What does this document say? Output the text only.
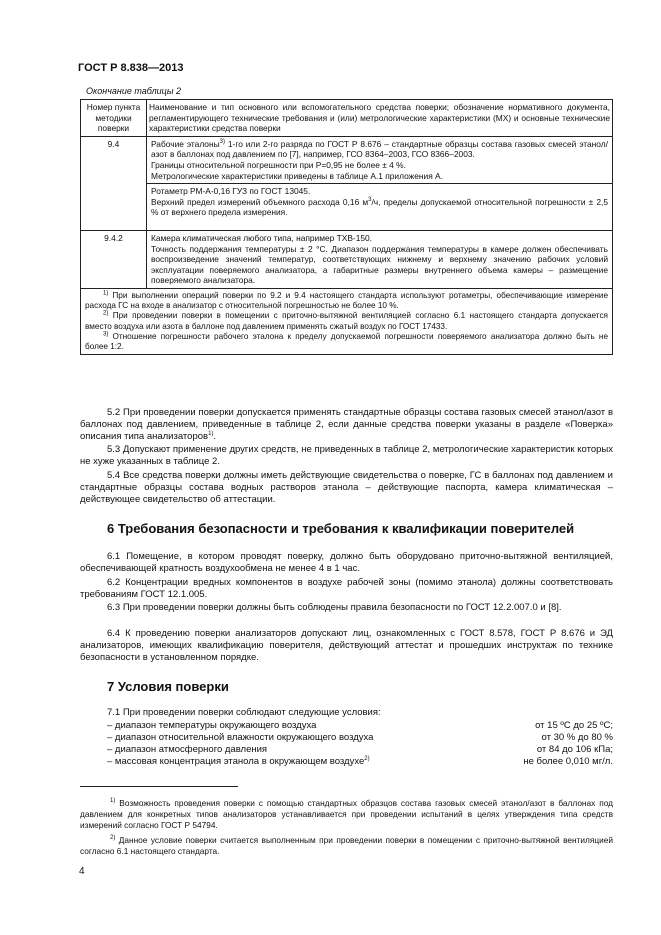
ГОСТ Р 8.838—2013
Окончание таблицы 2
Номер пункта методики поверки	Наименование и тип основного или вспомогательного средства поверки; обозначение нормативного документа, регламентирующего технические требования и (или) метрологические характеристики (МХ) и основные технические характеристики средства поверки
9.4	Рабочие эталоны$^{3)}$ 1-го или 2-го разряда по ГОСТ Р 8.676 – стандартные образцы состава газовых смесей этанол/азот в баллонах под давлением по [7], например, ГСО 8364–2003, ГСО 8366–2003.
Границы относительной погрешности при Р=0,95 не более ± 4 %.
Метрологические характеристики приведены в таблице А.1 приложения А.

	Ротаметр РМ-А-0,16 ГУЗ по ГОСТ 13045.
Верхний предел измерений объемного расхода 0,16 $м^3/ч$, пределы допускаемой относительной погрешности ± 2,5 % от верхнего предела измерения.

9.4.2	Камера климатическая любого типа, например ТХВ-150.
Точность поддержания температуры ± 2 °С. Диапазон поддержания температуры в камере должен обеспечивать воспроизведение значений температур, соответствующих нижнему и верхнему значению рабочих условий эксплуатации поверяемого анализатора, а габаритные размеры внутреннего объема камеры – размещение поверяемого анализатора.

$^{1)}$ При выполнении операций поверки по 9.2 и 9.4 настоящего стандарта используют ротаметры, обеспечивающие измерение расхода ГС на входе в анализатор с относительной погрешностью не более 10 %.
$^{2)}$ При проведении поверки в помещении с приточно-вытяжной вентиляцией согласно 6.1 настоящего стандарта допускается вместо воздуха или азота в баллоне под давлением применять сжатый воздух по ГОСТ 17433.
$^{3)}$ Отношение погрешности рабочего эталона к пределу допускаемой погрешности поверяемого анализатора должно быть не более 1:2.	
5.2 При проведении поверки допускается применять стандартные образцы состава газовых смесей этанол/азот в баллонах под давлением, приведенные в таблице 2, если данные средства поверки указаны в разделе «Поверка» описания типа анализаторов$^{1)}$.
5.3 Допускают применение других средств, не приведенных в таблице 2, метрологические характеристик которых не хуже указанных в таблице 2.
5.4 Все средства поверки должны иметь действующие свидетельства о поверке, ГС в баллонах под давлением и стандартные образцы состава водных растворов этанола – действующие паспорта, камера климатическая – действующее свидетельство об аттестации.
6 Требования безопасности и требования к квалификации поверителей
6.1 Помещение, в котором проводят поверку, должно быть оборудовано приточно-вытяжной вентиляцией, обеспечивающей кратность воздухообмена не менее 4 в 1 час.
6.2 Концентрации вредных компонентов в воздухе рабочей зоны (помимо этанола) должны соответствовать требованиям ГОСТ 12.1.005.
6.3 При проведении поверки должны быть соблюдены правила безопасности по ГОСТ 12.2.007.0 и [8].
6.4 К проведению поверки анализаторов допускают лиц, ознакомленных с ГОСТ 8.578, ГОСТ Р 8.676 и ЭД анализаторов, имеющих квалификацию поверителя, действующий аттестат и прошедших инструктаж по технике безопасности в установленном порядке.
7 Условия поверки
7.1 При проведении поверки соблюдают следующие условия:
– диапазон температуры окружающего воздуха	от 15 ºС до 25 ºС;
– диапазон относительной влажности окружающего воздуха	от 30 % до 80 %
– диапазон атмосферного давления	от 84 до 106 кПа;
– массовая концентрация этанола в окружающем воздухе$^{2)}$	не более 0,010 мг/л.
$^{1)}$ Возможность проведения поверки с помощью стандартных образцов состава газовых смесей этанол/азот в баллонах под давлением для конкретных типов анализаторов устанавливается при проведении испытаний в целях утверждения типа средств измерений согласно ГОСТ Р 54794.
$^{2)}$ Данное условие поверки считается выполненным при проведении поверки в помещении с приточно-вытяжной вентиляцией согласно 6.1 настоящего стандарта.
4
